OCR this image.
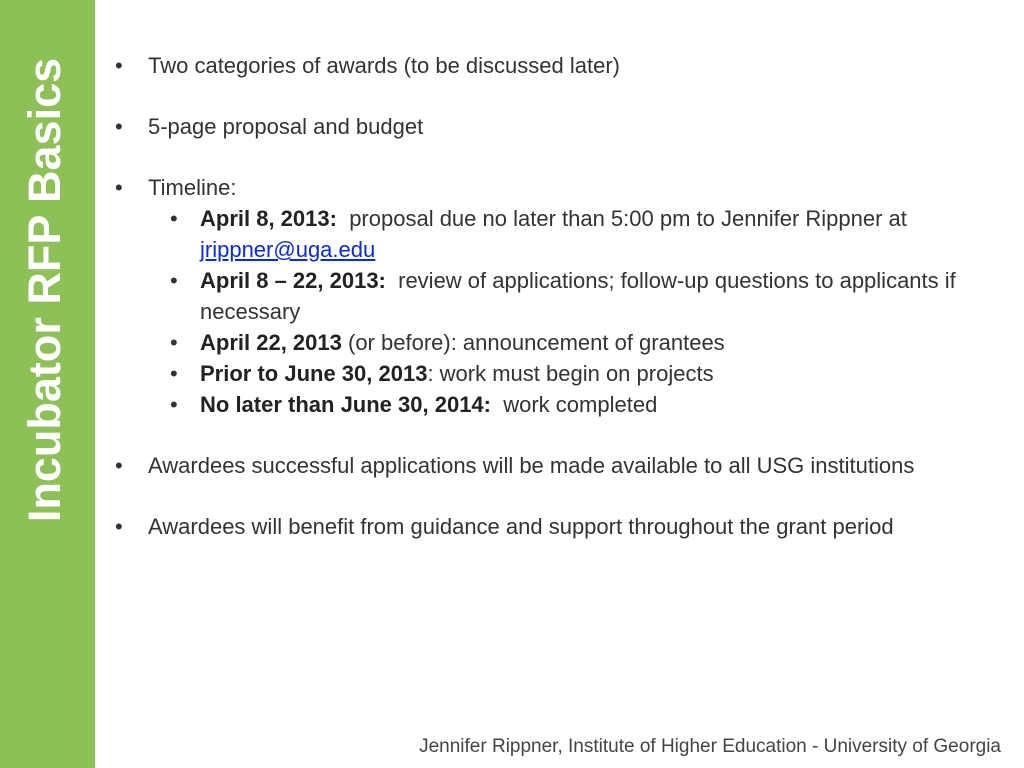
Incubator RFP Basics
•	Two categories of awards (to be discussed later)
• 5-page proposal and budget
• Timeline:
• April 8, 2013: proposal due no later than 5:00 pm to Jennifer Rippner at jrippner@uga.edu
• April 8 – 22, 2013: review of applications; follow-up questions to applicants if necessary
• April 22, 2013 (or before): announcement of grantees
• Prior to June 30, 2013: work must begin on projects
• No later than June 30, 2014: work completed
• Awardees successful applications will be made available to all USG institutions
• Awardees will benefit from guidance and support throughout the grant period
Jennifer Rippner, Institute of Higher Education - University of Georgia
